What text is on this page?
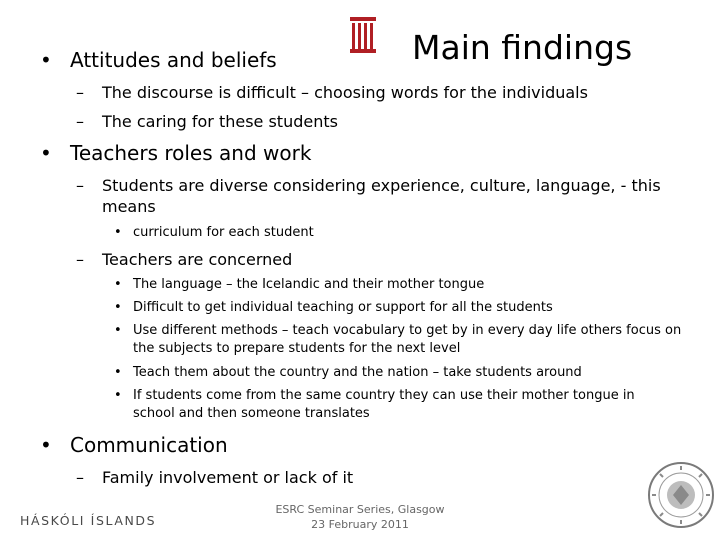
Main findings
• Attitudes and beliefs
– The discourse is difficult – choosing words for the individuals
– The caring for these students
• Teachers roles and work
– Students are diverse considering experience, culture, language, - this means
• curriculum for each student
– Teachers are concerned
• The language – the Icelandic and their mother tongue
• Difficult to get individual teaching or support for all the students
• Use different methods – teach vocabulary to get by in every day life others focus on the subjects to prepare students for the next level
• Teach them about the country and the nation – take students around
• If students come from the same country they can use their mother tongue in school and then someone translates
• Communication
– Family involvement or lack of it
HÁSKÓLI ÍSLANDS
ESRC Seminar Series, Glasgow
23 February 2011
